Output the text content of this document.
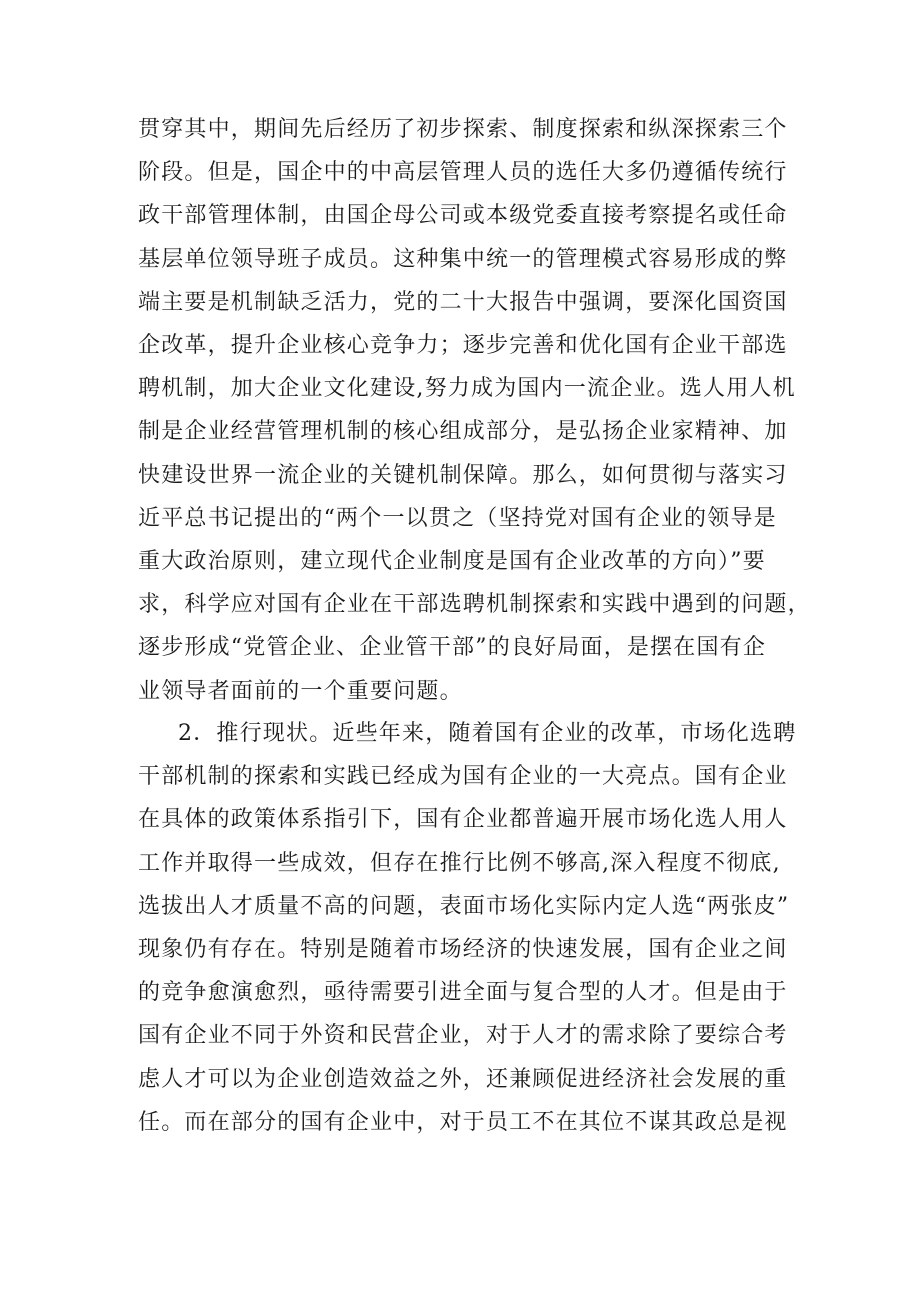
贯穿其中，期间先后经历了初步探索、制度探索和纵深探索三个
阶段。但是，国企中的中高层管理人员的选任大多仍遵循传统行
政干部管理体制，由国企母公司或本级党委直接考察提名或任命
基层单位领导班子成员。这种集中统一的管理模式容易形成的弊
端主要是机制缺乏活力，党的二十大报告中强调，要深化国资国
企改革，提升企业核心竞争力；逐步完善和优化国有企业干部选
聘机制，加大企业文化建设,努力成为国内一流企业。选人用人机
制是企业经营管理机制的核心组成部分，是弘扬企业家精神、加
快建设世界一流企业的关键机制保障。那么，如何贯彻与落实习
近平总书记提出的“两个一以贯之（坚持党对国有企业的领导是
重大政治原则，建立现代企业制度是国有企业改革的方向）”要
求，科学应对国有企业在干部选聘机制探索和实践中遇到的问题，
逐步形成“党管企业、企业管干部”的良好局面，是摆在国有企
业领导者面前的一个重要问题。
2．推行现状。近些年来，随着国有企业的改革，市场化选聘
干部机制的探索和实践已经成为国有企业的一大亮点。国有企业
在具体的政策体系指引下，国有企业都普遍开展市场化选人用人
工作并取得一些成效，但存在推行比例不够高,深入程度不彻底,
选拔出人才质量不高的问题，表面市场化实际内定人选“两张皮”
现象仍有存在。特别是随着市场经济的快速发展，国有企业之间
的竞争愈演愈烈，亟待需要引进全面与复合型的人才。但是由于
国有企业不同于外资和民营企业，对于人才的需求除了要综合考
虑人才可以为企业创造效益之外，还兼顾促进经济社会发展的重
任。而在部分的国有企业中，对于员工不在其位不谋其政总是视
